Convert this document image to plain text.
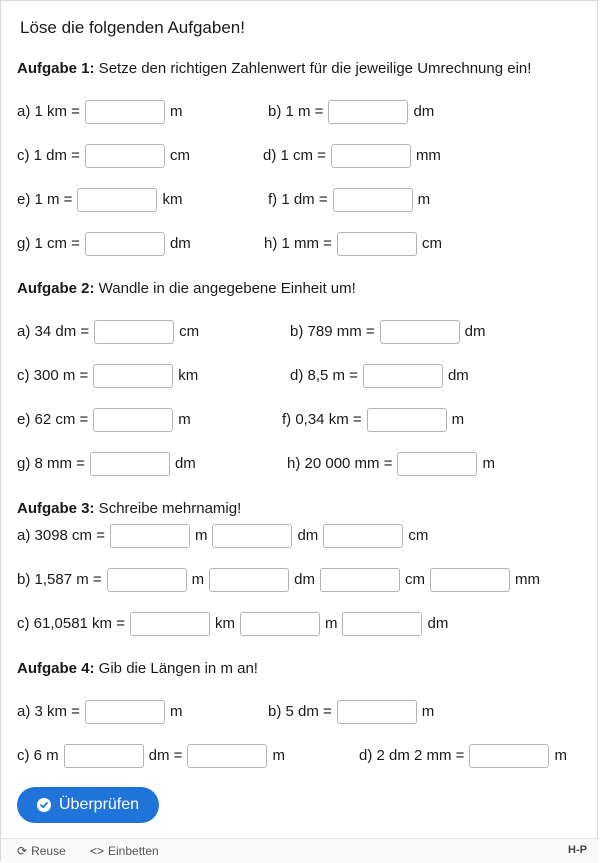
Löse die folgenden Aufgaben!
Aufgabe 1: Setze den richtigen Zahlenwert für die jeweilige Umrechnung ein!
a) 1 km =	m	b) 1 m =	dm
c) 1 dm =	cm	d) 1 cm =	mm
e) 1 m =	km	f) 1 dm =	m
g) 1 cm =	dm	h) 1 mm =	cm
Aufgabe 2: Wandle in die angegebene Einheit um!
a) 34 dm =	cm	b) 789 mm =	dm
c) 300 m =	km	d) 8,5 m =	dm
e) 62 cm =	m	f) 0,34 km =	m
g) 8 mm =	dm	h) 20 000 mm =	m
Aufgabe 3: Schreibe mehrnamig!
a) 3098 cm =	m	dm	cm
b) 1,587 m =	m	dm	cm	mm
c) 61,0581 km =	km	m	dm
Aufgabe 4: Gib die Längen in m an!
a) 3 km =	m	b) 5 dm =	m
c) 6 m	dm =	m	d) 2 dm 2 mm =	m
Überprüfen
⟳ Reuse <> Einbetten	H-P
